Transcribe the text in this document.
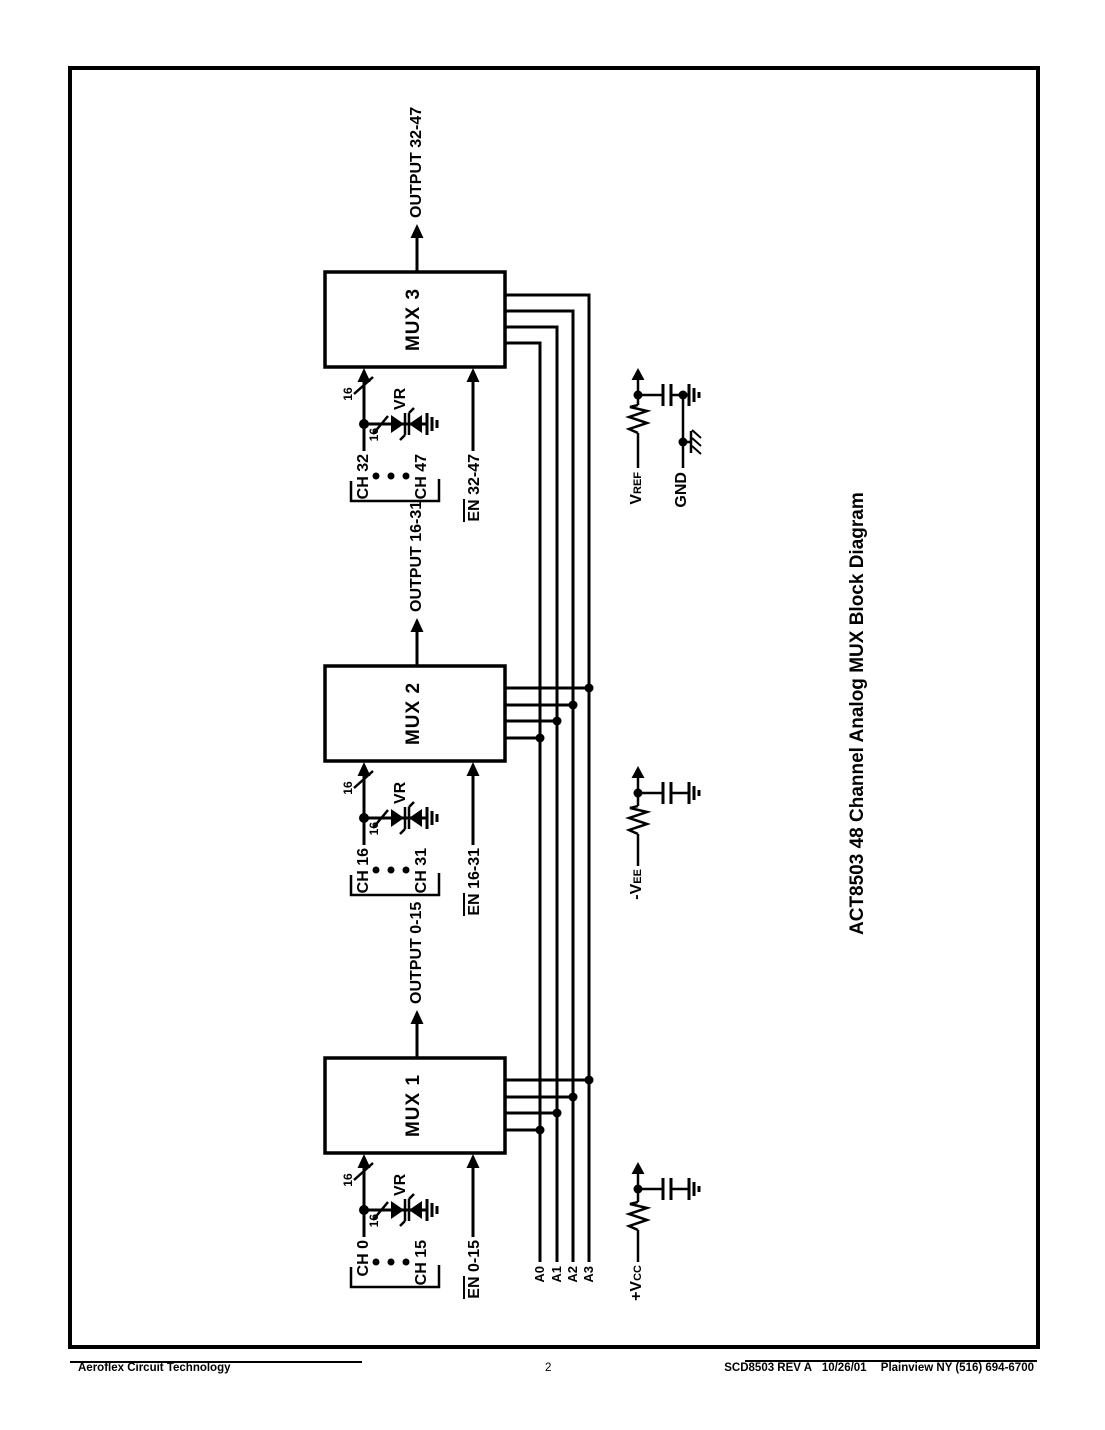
CH 0	CH 15
EN 0-15
16
16
VR
MUX 1
OUTPUT 0-15
CH 16	CH 31
EN 16-31
16
16
VR
MUX 2
OUTPUT 16-31
CH 32	CH 47
EN 32-47
16
16
VR
MUX 3
OUTPUT 32-47
A0 A1 A2 A3
+VCC
-VEE
VREF GND
ACT8503 48 Channel Analog MUX Block Diagram
Aeroflex Circuit Technology	2	SCD8503 REV A 10/26/01 Plainview NY (516) 694-6700
